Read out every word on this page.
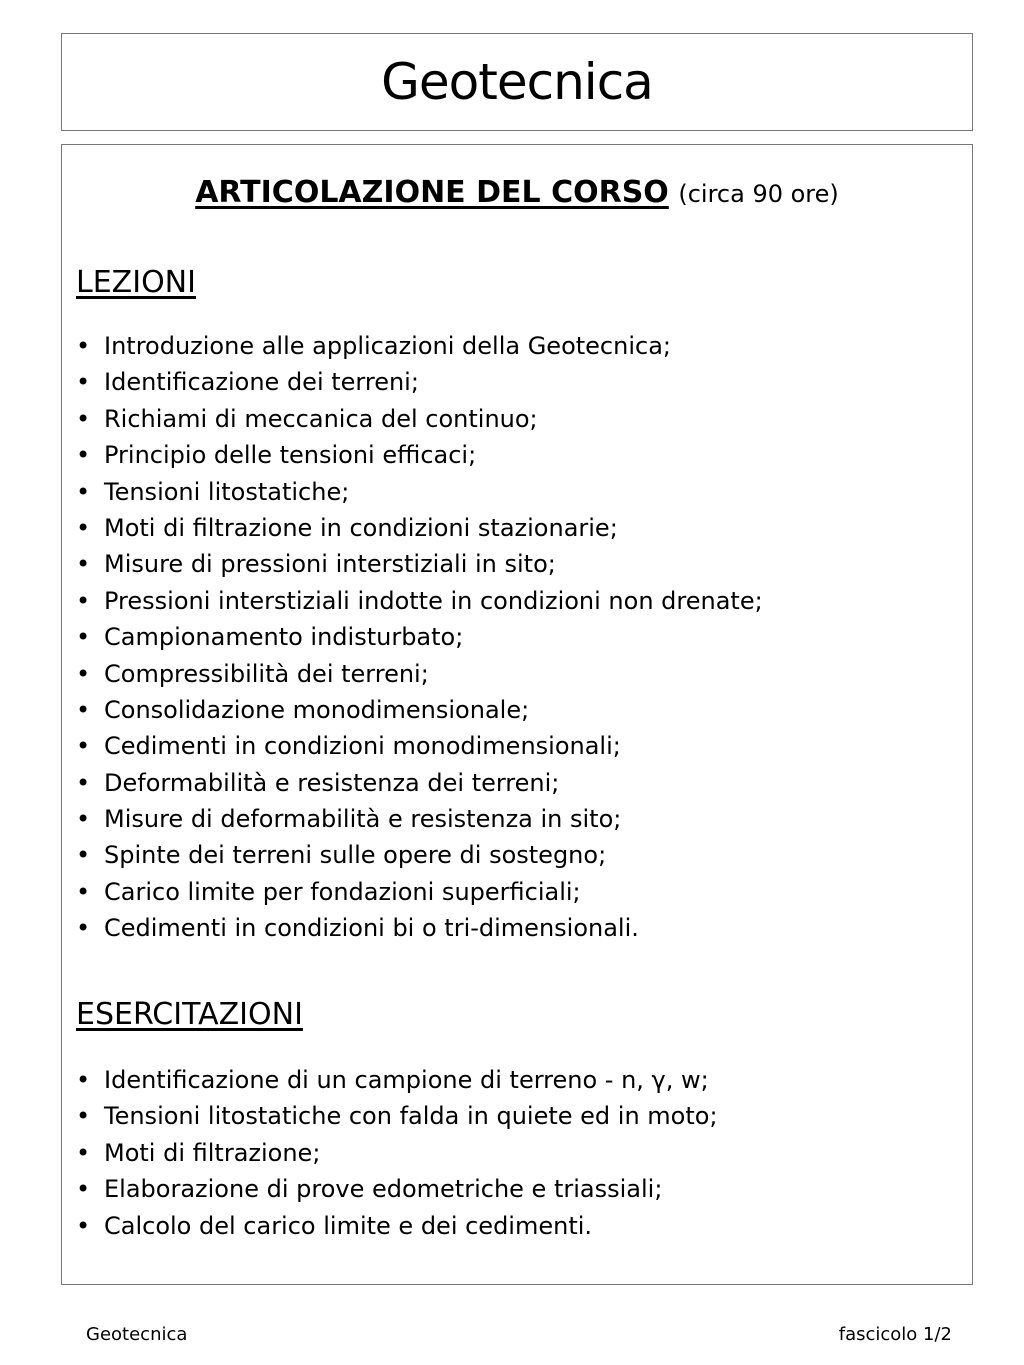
Geotecnica
ARTICOLAZIONE DEL CORSO (circa 90 ore)
LEZIONI
• Introduzione alle applicazioni della Geotecnica;
• Identificazione dei terreni;
• Richiami di meccanica del continuo;
• Principio delle tensioni efficaci;
• Tensioni litostatiche;
• Moti di filtrazione in condizioni stazionarie;
• Misure di pressioni interstiziali in sito;
• Pressioni interstiziali indotte in condizioni non drenate;
• Campionamento indisturbato;
• Compressibilità dei terreni;
• Consolidazione monodimensionale;
• Cedimenti in condizioni monodimensionali;
• Deformabilità e resistenza dei terreni;
• Misure di deformabilità e resistenza in sito;
• Spinte dei terreni sulle opere di sostegno;
• Carico limite per fondazioni superficiali;
• Cedimenti in condizioni bi o tri-dimensionali.
ESERCITAZIONI
• Identificazione di un campione di terreno - n, γ, w;
• Tensioni litostatiche con falda in quiete ed in moto;
• Moti di filtrazione;
• Elaborazione di prove edometriche e triassiali;
• Calcolo del carico limite e dei cedimenti.
Geotecnica	fascicolo 1/2
